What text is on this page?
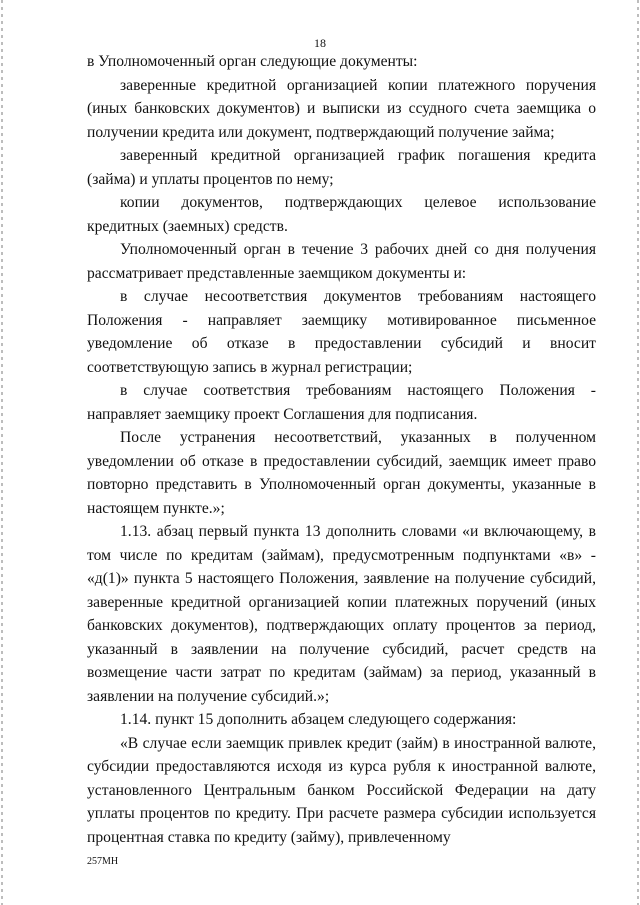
18

в Уполномоченный орган следующие документы:

заверенные кредитной организацией копии платежного поручения (иных банковских документов) и выписки из ссудного счета заемщика о получении кредита или документ, подтверждающий получение займа;

заверенный кредитной организацией график погашения кредита (займа) и уплаты процентов по нему;

копии документов, подтверждающих целевое использование кредитных (заемных) средств.

Уполномоченный орган в течение 3 рабочих дней со дня получения рассматривает представленные заемщиком документы и:

в случае несоответствия документов требованиям настоящего Положения - направляет заемщику мотивированное письменное уведомление об отказе в предоставлении субсидий и вносит соответствующую запись в журнал регистрации;

в случае соответствия требованиям настоящего Положения - направляет заемщику проект Соглашения для подписания.

После устранения несоответствий, указанных в полученном уведомлении об отказе в предоставлении субсидий, заемщик имеет право повторно представить в Уполномоченный орган документы, указанные в настоящем пункте.»;

1.13. абзац первый пункта 13 дополнить словами «и включающему, в том числе по кредитам (займам), предусмотренным подпунктами «в» - «д(1)» пункта 5 настоящего Положения, заявление на получение субсидий, заверенные кредитной организацией копии платежных поручений (иных банковских документов), подтверждающих оплату процентов за период, указанный в заявлении на получение субсидий, расчет средств на возмещение части затрат по кредитам (займам) за период, указанный в заявлении на получение субсидий.»;

1.14. пункт 15 дополнить абзацем следующего содержания:

«В случае если заемщик привлек кредит (займ) в иностранной валюте, субсидии предоставляются исходя из курса рубля к иностранной валюте, установленного Центральным банком Российской Федерации на дату уплаты процентов по кредиту. При расчете размера субсидии используется процентная ставка по кредиту (займу), привлеченному

257МН
